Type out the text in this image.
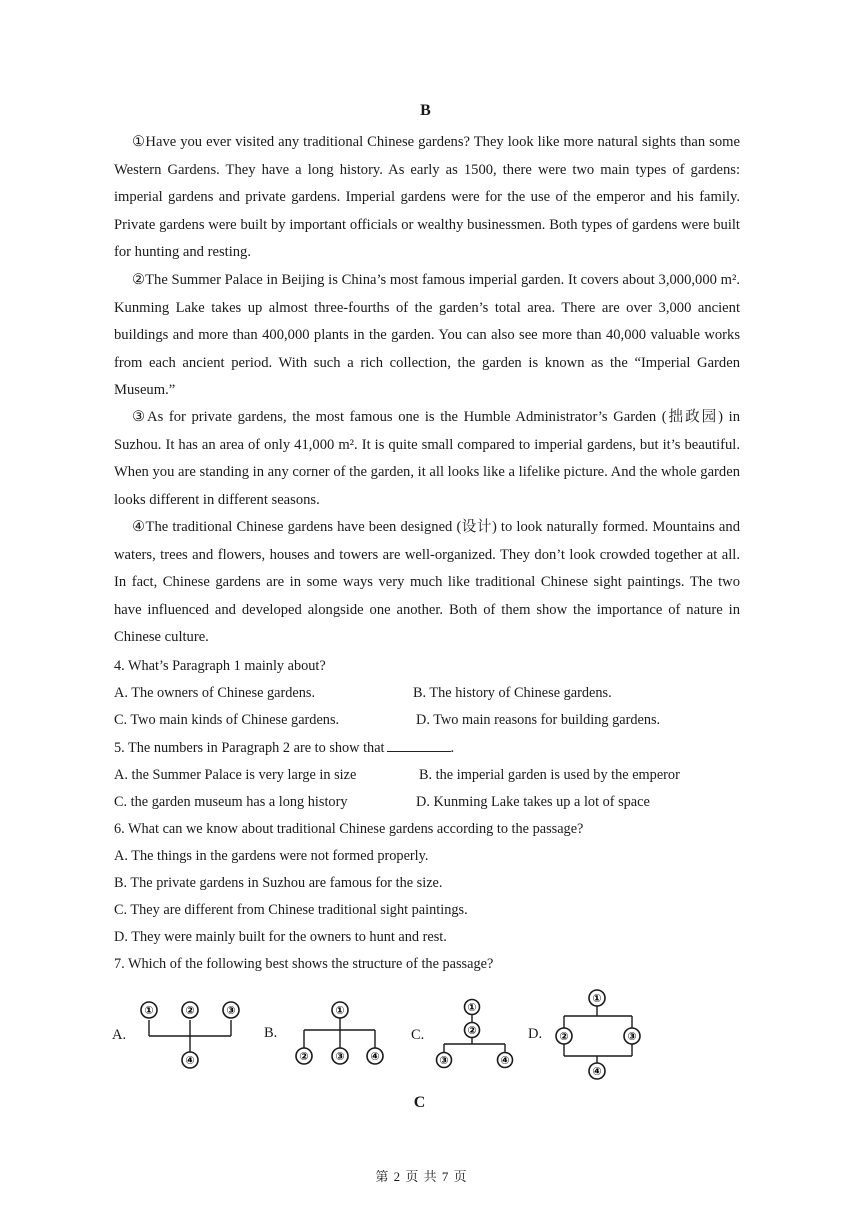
B

①Have you ever visited any traditional Chinese gardens? They look like more natural sights than some Western Gardens. They have a long history. As early as 1500, there were two main types of gardens: imperial gardens and private gardens. Imperial gardens were for the use of the emperor and his family. Private gardens were built by important officials or wealthy businessmen. Both types of gardens were built for hunting and resting.

②The Summer Palace in Beijing is China’s most famous imperial garden. It covers about 3,000,000 m². Kunming Lake takes up almost three-fourths of the garden’s total area. There are over 3,000 ancient buildings and more than 400,000 plants in the garden. You can also see more than 40,000 valuable works from each ancient period. With such a rich collection, the garden is known as the “Imperial Garden Museum.”

③As for private gardens, the most famous one is the Humble Administrator’s Garden (拙政园) in Suzhou. It has an area of only 41,000 m². It is quite small compared to imperial gardens, but it’s beautiful. When you are standing in any corner of the garden, it all looks like a lifelike picture. And the whole garden looks different in different seasons.

④The traditional Chinese gardens have been designed (设计) to look naturally formed. Mountains and waters, trees and flowers, houses and towers are well-organized. They don’t look crowded together at all. In fact, Chinese gardens are in some ways very much like traditional Chinese sight paintings. The two have influenced and developed alongside one another. Both of them show the importance of nature in Chinese culture.

4. What’s Paragraph 1 mainly about?
A. The owners of Chinese gardens.	B. The history of Chinese gardens.
C. Two main kinds of Chinese gardens.	D. Two main reasons for building gardens.
5. The numbers in Paragraph 2 are to show that	.
A. the Summer Palace is very large in size	B. the imperial garden is used by the emperor
C. the garden museum has a long history	D. Kunming Lake takes up a lot of space
6. What can we know about traditional Chinese gardens according to the passage?
A. The things in the gardens were not formed properly.
B. The private gardens in Suzhou are famous for the size.
C. They are different from Chinese traditional sight paintings.
D. They were mainly built for the owners to hunt and rest.
7. Which of the following best shows the structure of the passage?
A.
①	②	③
④
B.
①
② ③ ④
C.
①
②
③	④
D.
①
②	③
④
C
第 2 页 共 7 页
